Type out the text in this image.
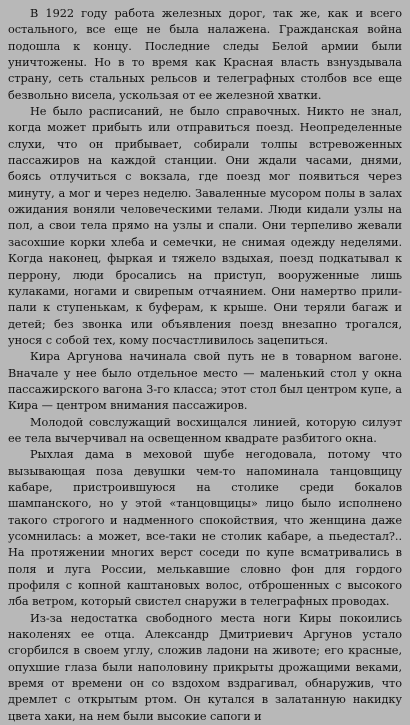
В 1922 году работа железных дорог, так же, как и всего остального, все еще не была налажена. Гражданская война подошла к концу. Последние следы Белой армии были уничтожены. Но в то время как Красная власть взнуздывала страну, сеть стальных рельсов и телеграфных столбов все еще безвольно висела, ускользая от ее железной хватки.

Не было расписаний, не было справочных. Никто не знал, когда может прибыть или отправиться поезд. Неопределенные слухи, что он прибывает, собирали толпы встревоженных пассажиров на каждой станции. Они ждали часами, днями, боясь отлучиться с вокзала, где поезд мог появиться через минуту, а мог и через неделю. Заваленные мусором полы в залах ожидания воняли человеческими телами. Люди кидали узлы на пол, а свои тела прямо на узлы и спали. Они терпеливо жевали засохшие корки хлеба и семечки, не снимая одежду неделями. Когда наконец, фыркая и тяжело вздыхая, поезд подкатывал к перрону, люди бросались на приступ, вооруженные лишь кулаками, ногами и свирепым отчаянием. Они намертво прилипали к ступенькам, к буферам, к крыше. Они теряли багаж и детей; без звонка или объявления поезд внезапно трогался, унося с собой тех, кому посчастливилось зацепиться.

Кира Аргунова начинала свой путь не в товарном вагоне. Вначале у нее было отдельное место — маленький стол у окна пассажирского вагона 3-го класса; этот стол был центром купе, а Кира — центром внимания пассажиров.

Молодой совслужащий восхищался линией, которую силуэт ее тела вычерчивал на освещенном квадрате разбитого окна.

Рыхлая дама в меховой шубе негодовала, потому что вызывающая поза девушки чем-то напоминала танцовщицу кабаре, пристроившуюся на столике среди бокалов шампанского, но у этой «танцовщицы» лицо было исполнено такого строгого и надменного спокойствия, что женщина даже усомнилась: а может, все-таки не столик кабаре, а пьедестал?.. На протяжении многих верст соседи по купе всматривались в поля и луга России, мелькавшие словно фон для гордого профиля с копной каштановых волос, отброшенных с высокого лба ветром, который свистел снаружи в телеграфных проводах.

Из-за недостатка свободного места ноги Киры покоились наколенях ее отца. Александр Дмитриевич Аргунов устало сгорбился в своем углу, сложив ладони на животе; его красные, опухшие глаза были наполовину прикрыты дрожащими веками, время от времени он со вздохом вздрагивал, обнаружив, что дремлет с открытым ртом. Он кутался в залатанную накидку цвета хаки, на нем были высокие сапоги и
